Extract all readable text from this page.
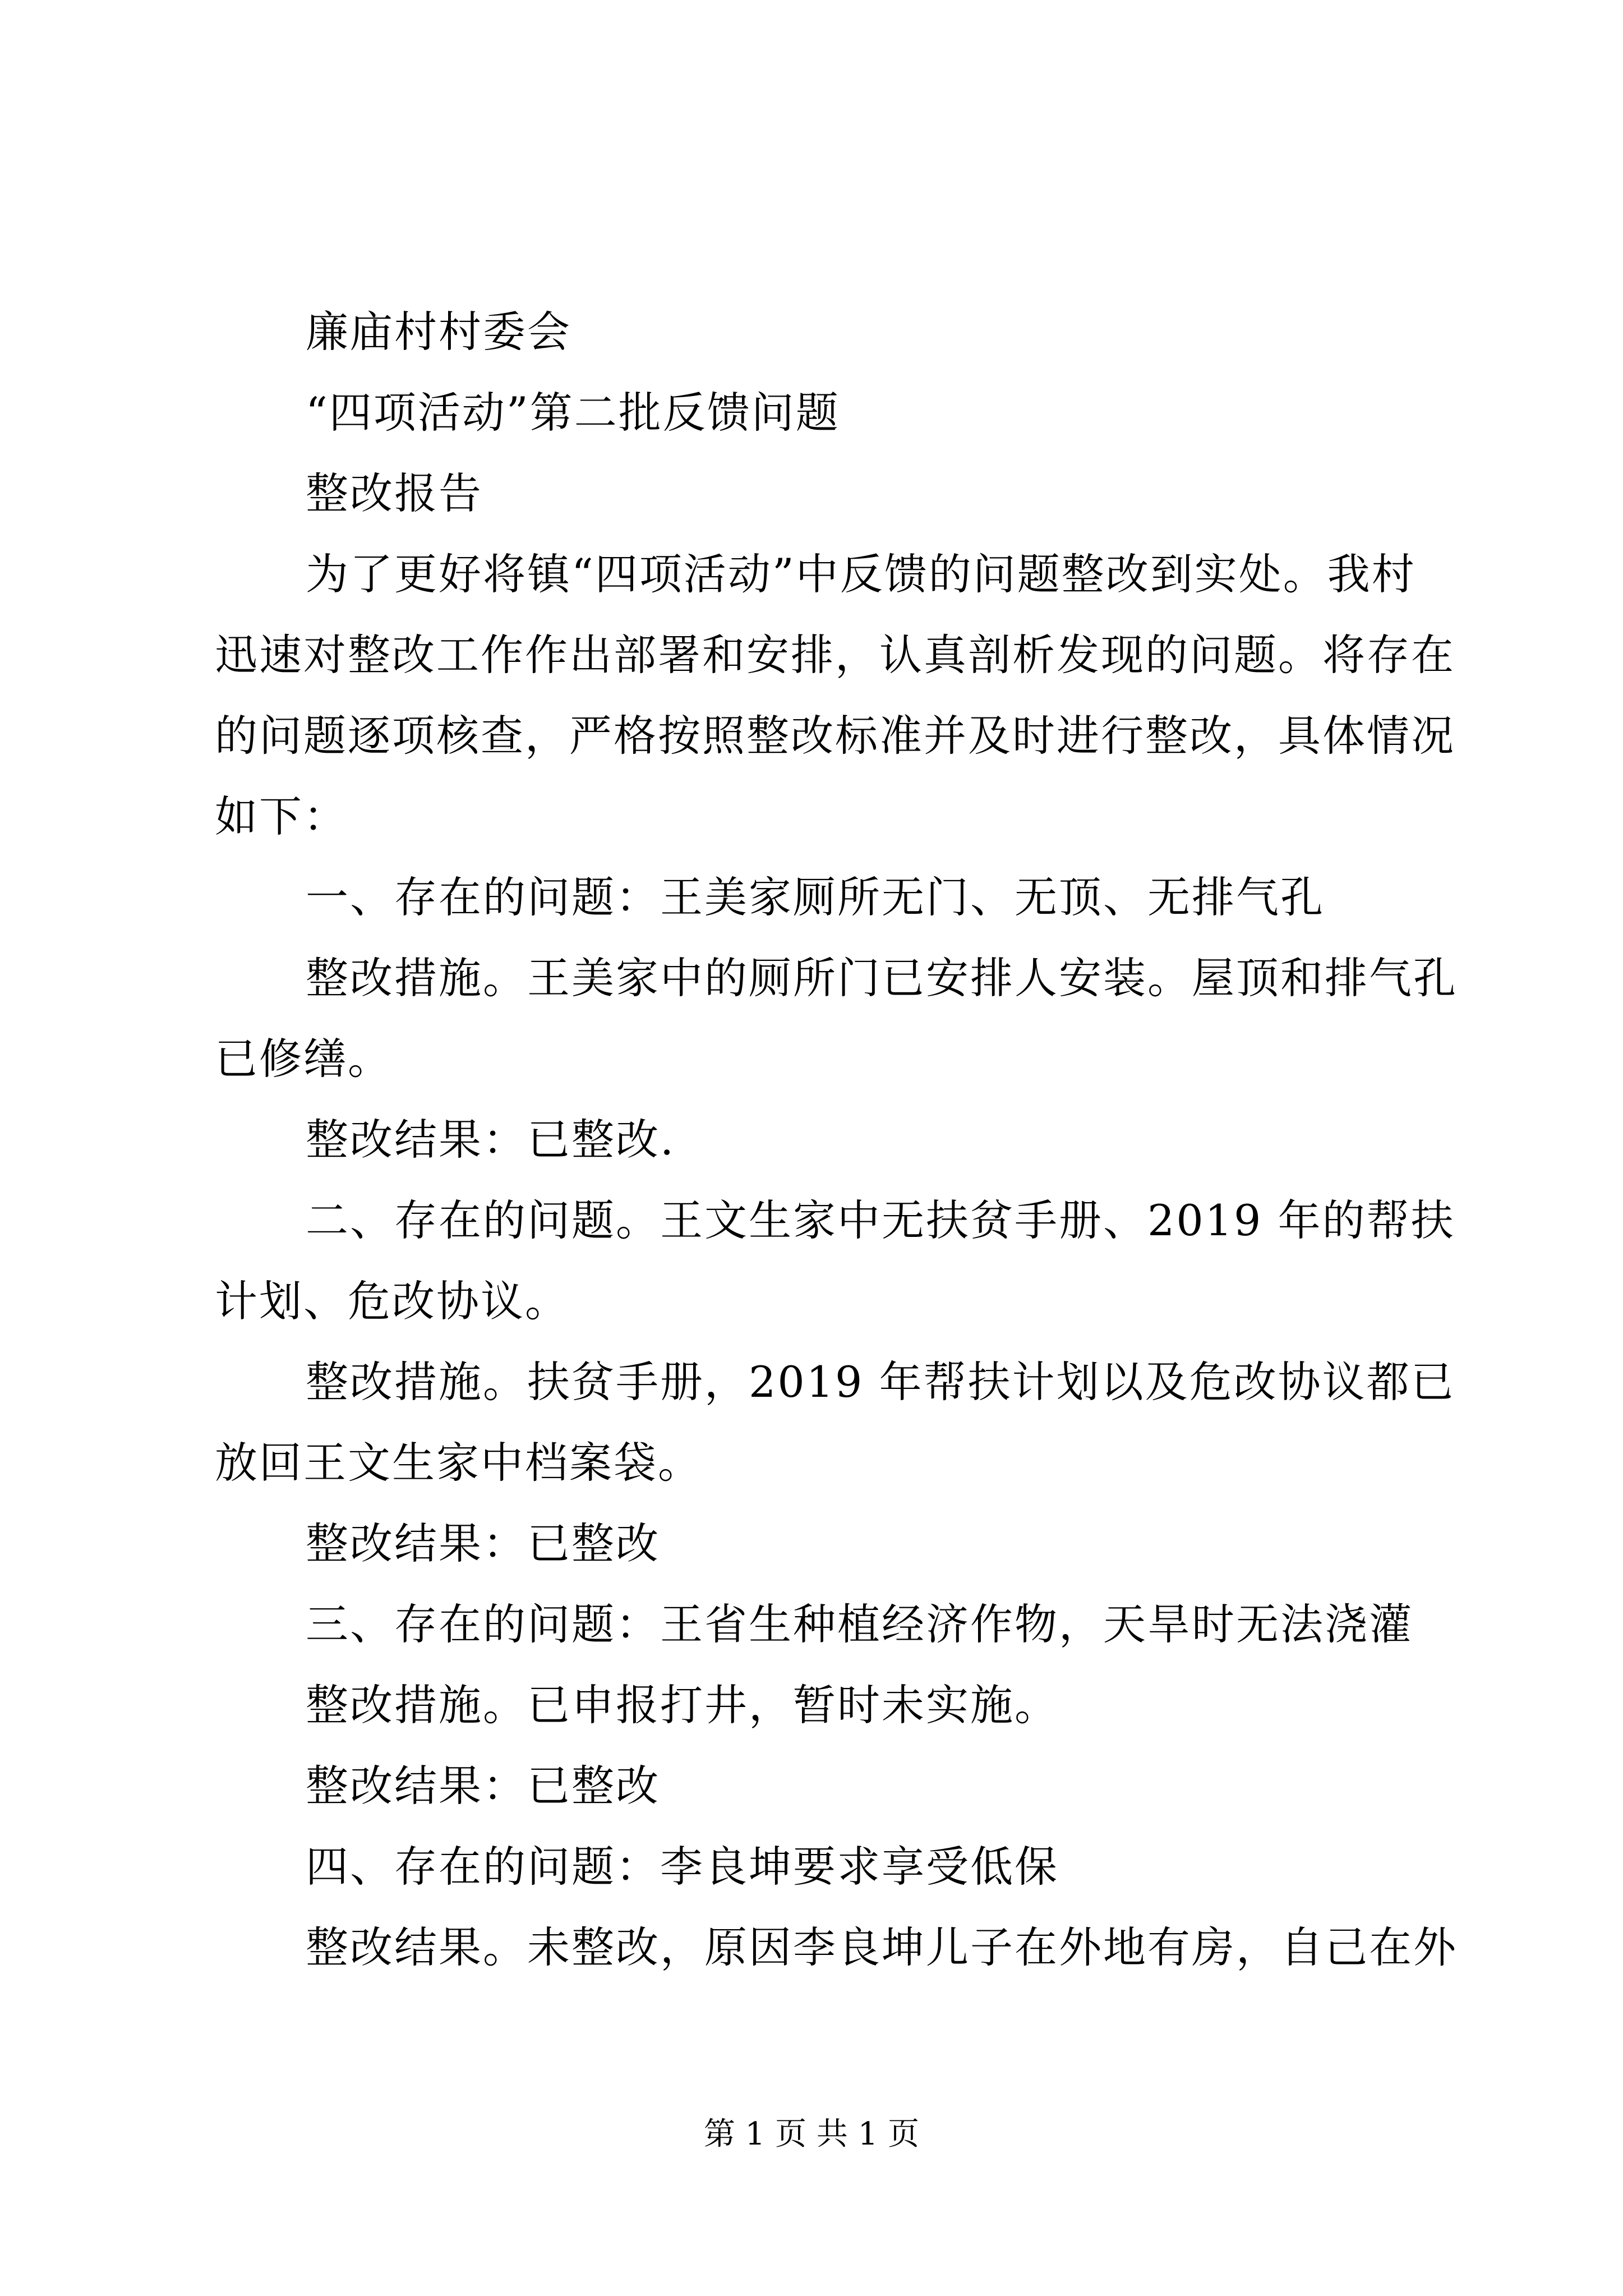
廉庙村村委会
“四项活动”第二批反馈问题
整改报告
为了更好将镇“四项活动”中反馈的问题整改到实处。我村
迅速对整改工作作出部署和安排，认真剖析发现的问题。将存在
的问题逐项核查，严格按照整改标准并及时进行整改，具体情况
如下：
一、存在的问题：王美家厕所无门、无顶、无排气孔
整改措施。王美家中的厕所门已安排人安装。屋顶和排气孔
已修缮。
整改结果：已整改.
二、存在的问题。王文生家中无扶贫手册、2019 年的帮扶
计划、危改协议。
整改措施。扶贫手册，2019 年帮扶计划以及危改协议都已
放回王文生家中档案袋。
整改结果：已整改
三、存在的问题：王省生种植经济作物，天旱时无法浇灌
整改措施。已申报打井，暂时未实施。
整改结果：已整改
四、存在的问题：李良坤要求享受低保
整改结果。未整改，原因李良坤儿子在外地有房，自己在外
第 1 页 共 1 页
